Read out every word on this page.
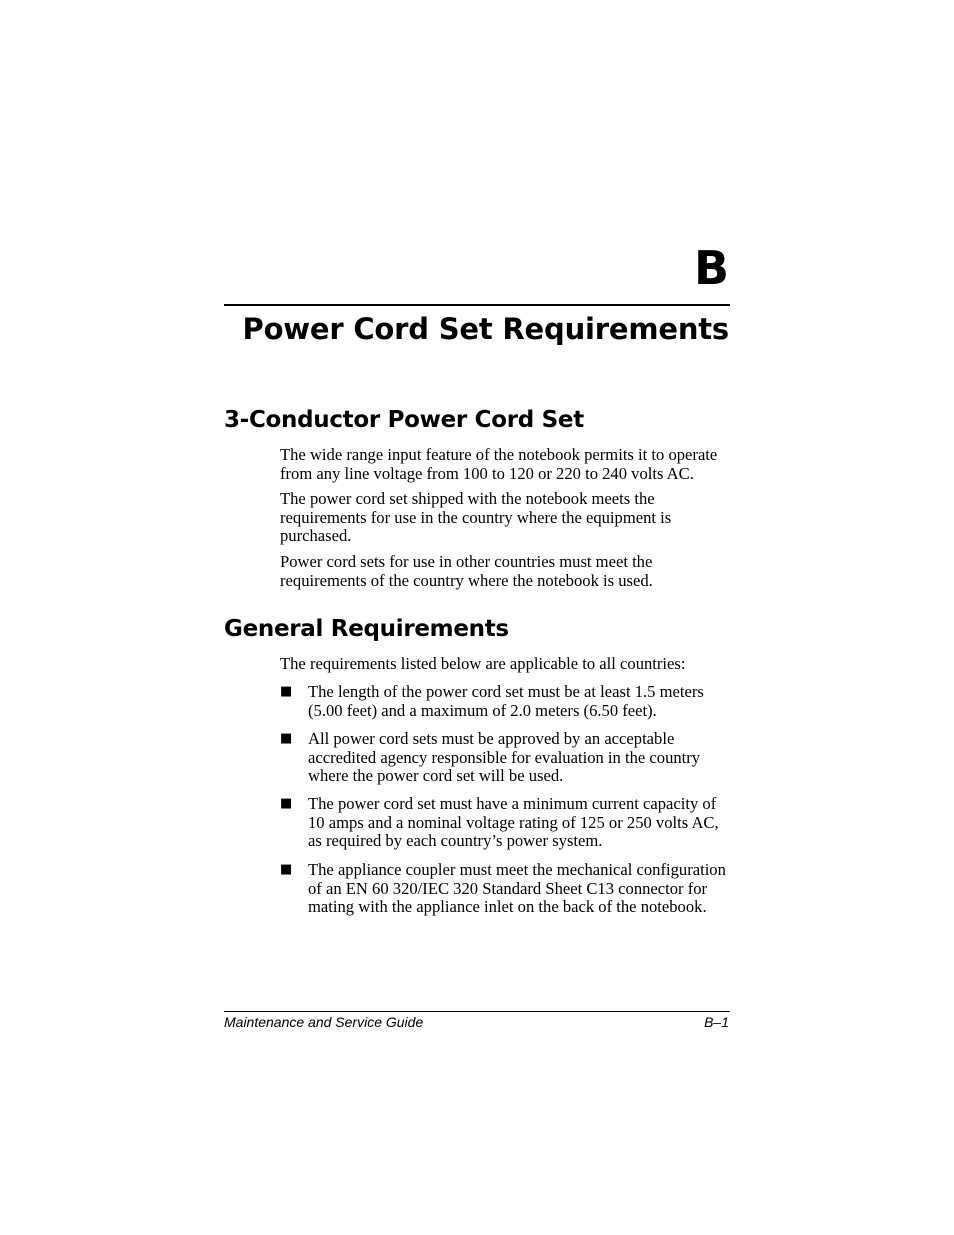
B
Power Cord Set Requirements
3-Conductor Power Cord Set

The wide range input feature of the notebook permits it to operate from any line voltage from 100 to 120 or 220 to 240 volts AC.

The power cord set shipped with the notebook meets the requirements for use in the country where the equipment is purchased.

Power cord sets for use in other countries must meet the requirements of the country where the notebook is used.

General Requirements

The requirements listed below are applicable to all countries:

■ The length of the power cord set must be at least 1.5 meters (5.00 feet) and a maximum of 2.0 meters (6.50 feet).
■ All power cord sets must be approved by an acceptable accredited agency responsible for evaluation in the country where the power cord set will be used.
■ The power cord set must have a minimum current capacity of 10 amps and a nominal voltage rating of 125 or 250 volts AC, as required by each country’s power system.
■ The appliance coupler must meet the mechanical configuration of an EN 60 320/IEC 320 Standard Sheet C13 connector for mating with the appliance inlet on the back of the notebook.

Maintenance and Service Guide	B–1
